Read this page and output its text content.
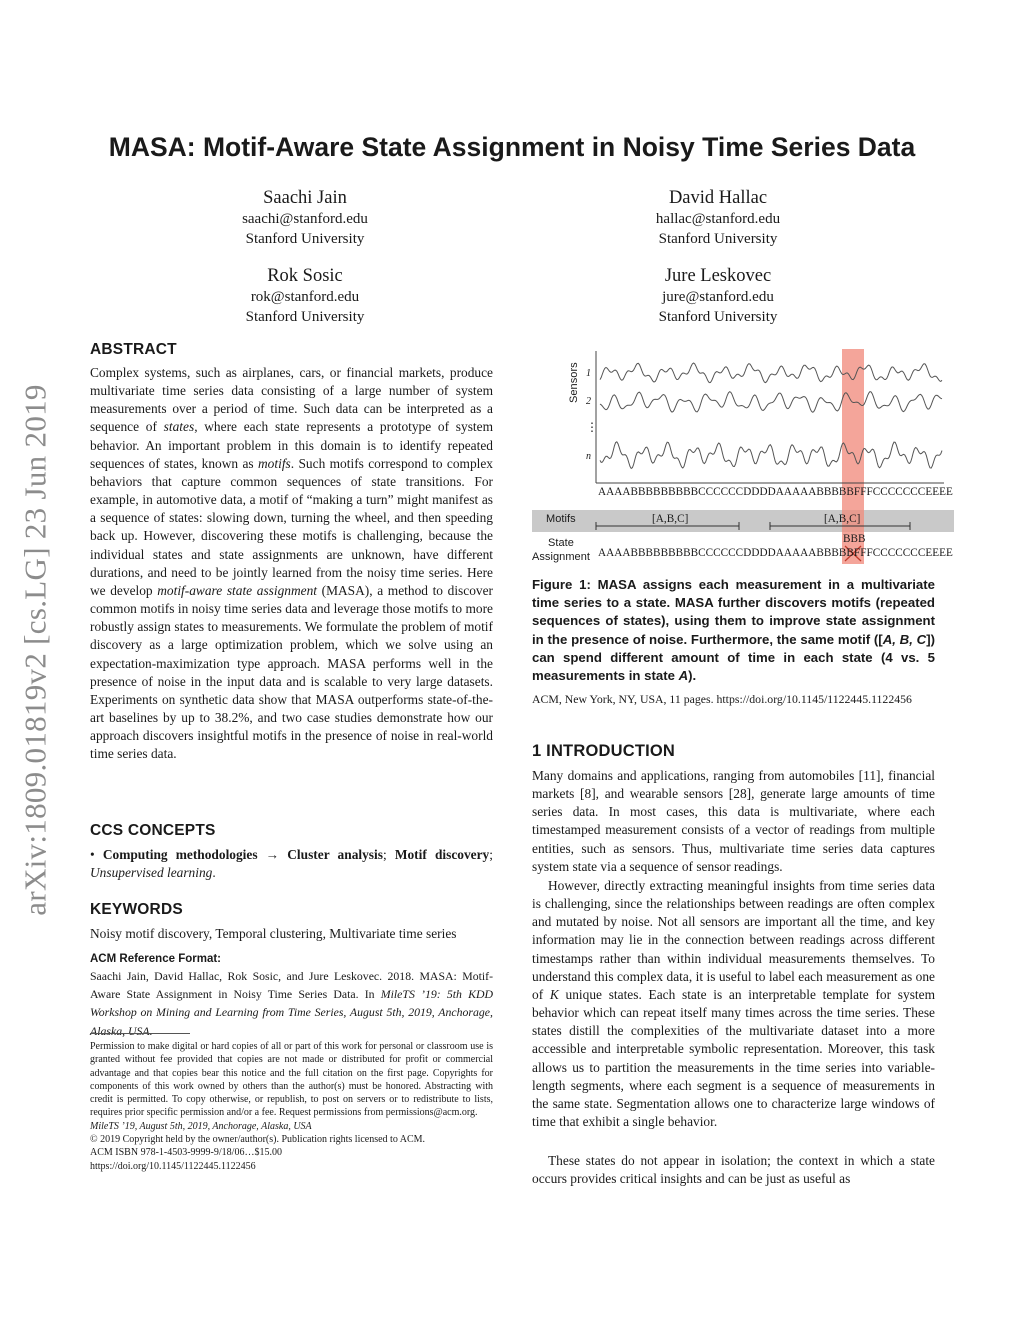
arXiv:1809.01819v2 [cs.LG] 23 Jun 2019
MASA: Motif-Aware State Assignment in Noisy Time Series Data
Saachi Jain
saachi@stanford.edu
Stanford University
David Hallac
hallac@stanford.edu
Stanford University
Rok Sosic
rok@stanford.edu
Stanford University
Jure Leskovec
jure@stanford.edu
Stanford University
ABSTRACT

Complex systems, such as airplanes, cars, or financial markets, produce multivariate time series data consisting of a large number of system measurements over a period of time. Such data can be interpreted as a sequence of states, where each state represents a prototype of system behavior. An important problem in this domain is to identify repeated sequences of states, known as motifs. Such motifs correspond to complex behaviors that capture common sequences of state transitions. For example, in automotive data, a motif of “making a turn” might manifest as a sequence of states: slowing down, turning the wheel, and then speeding back up. However, discovering these motifs is challenging, because the individual states and state assignments are unknown, have different durations, and need to be jointly learned from the noisy time series. Here we develop motif-aware state assignment (MASA), a method to discover common motifs in noisy time series data and leverage those motifs to more robustly assign states to measurements. We formulate the problem of motif discovery as a large optimization problem, which we solve using an expectation-maximization type approach. MASA performs well in the presence of noise in the input data and is scalable to very large datasets. Experiments on synthetic data show that MASA outperforms state-of-the-art baselines by up to 38.2%, and two case studies demonstrate how our approach discovers insightful motifs in the presence of noise in real-world time series data.

CCS CONCEPTS

• Computing methodologies → Cluster analysis; Motif discovery; Unsupervised learning.

KEYWORDS

Noisy motif discovery, Temporal clustering, Multivariate time series

ACM Reference Format:

Saachi Jain, David Hallac, Rok Sosic, and Jure Leskovec. 2018. MASA: Motif-Aware State Assignment in Noisy Time Series Data. In MileTS ’19: 5th KDD Workshop on Mining and Learning from Time Series, August 5th, 2019, Anchorage, Alaska, USA.

Permission to make digital or hard copies of all or part of this work for personal or classroom use is granted without fee provided that copies are not made or distributed for profit or commercial advantage and that copies bear this notice and the full citation on the first page. Copyrights for components of this work owned by others than the author(s) must be honored. Abstracting with credit is permitted. To copy otherwise, or republish, to post on servers or to redistribute to lists, requires prior specific permission and/or a fee. Request permissions from permissions@acm.org.
MileTS ’19, August 5th, 2019, Anchorage, Alaska, USA
© 2019 Copyright held by the owner/author(s). Publication rights licensed to ACM.
ACM ISBN 978-1-4503-9999-9/18/06…$15.00
https://doi.org/10.1145/1122445.1122456
Sensors 1
2
⋮
n
AAAABBBBBBBBBCCCCCCDDDDAAAAABBBBBFFFCCCCCCCEEEE
Motifs	[A,B,C]	[A,B,C]
State
Assignment
BBB
AAAABBBBBBBBBCCCCCCDDDDAAAAABBBBBFFFCCCCCCCEEEE

Figure 1: MASA assigns each measurement in a multivariate time series to a state. MASA further discovers motifs (repeated sequences of states), using them to improve state assignment in the presence of noise. Furthermore, the same motif ([A, B, C]) can spend different amount of time in each state (4 vs. 5 measurements in state A).

ACM, New York, NY, USA, 11 pages. https://doi.org/10.1145/1122445.1122456

1 INTRODUCTION

Many domains and applications, ranging from automobiles [11], financial markets [8], and wearable sensors [28], generate large amounts of time series data. In most cases, this data is multivariate, where each timestamped measurement consists of a vector of readings from multiple entities, such as sensors. Thus, multivariate time series data captures system state via a sequence of sensor readings.

However, directly extracting meaningful insights from time series data is challenging, since the relationships between readings are often complex and mutated by noise. Not all sensors are important all the time, and key information may lie in the connection between readings across different timestamps rather than within individual measurements themselves. To understand this complex data, it is useful to label each measurement as one of K unique states. Each state is an interpretable template for system behavior which can repeat itself many times across the time series. These states distill the complexities of the multivariate dataset into a more accessible and interpretable symbolic representation. Moreover, this task allows us to partition the measurements in the time series into variable-length segments, where each segment is a sequence of measurements in the same state. Segmentation allows one to characterize large windows of time that exhibit a single behavior.

These states do not appear in isolation; the context in which a state occurs provides critical insights and can be just as useful as
